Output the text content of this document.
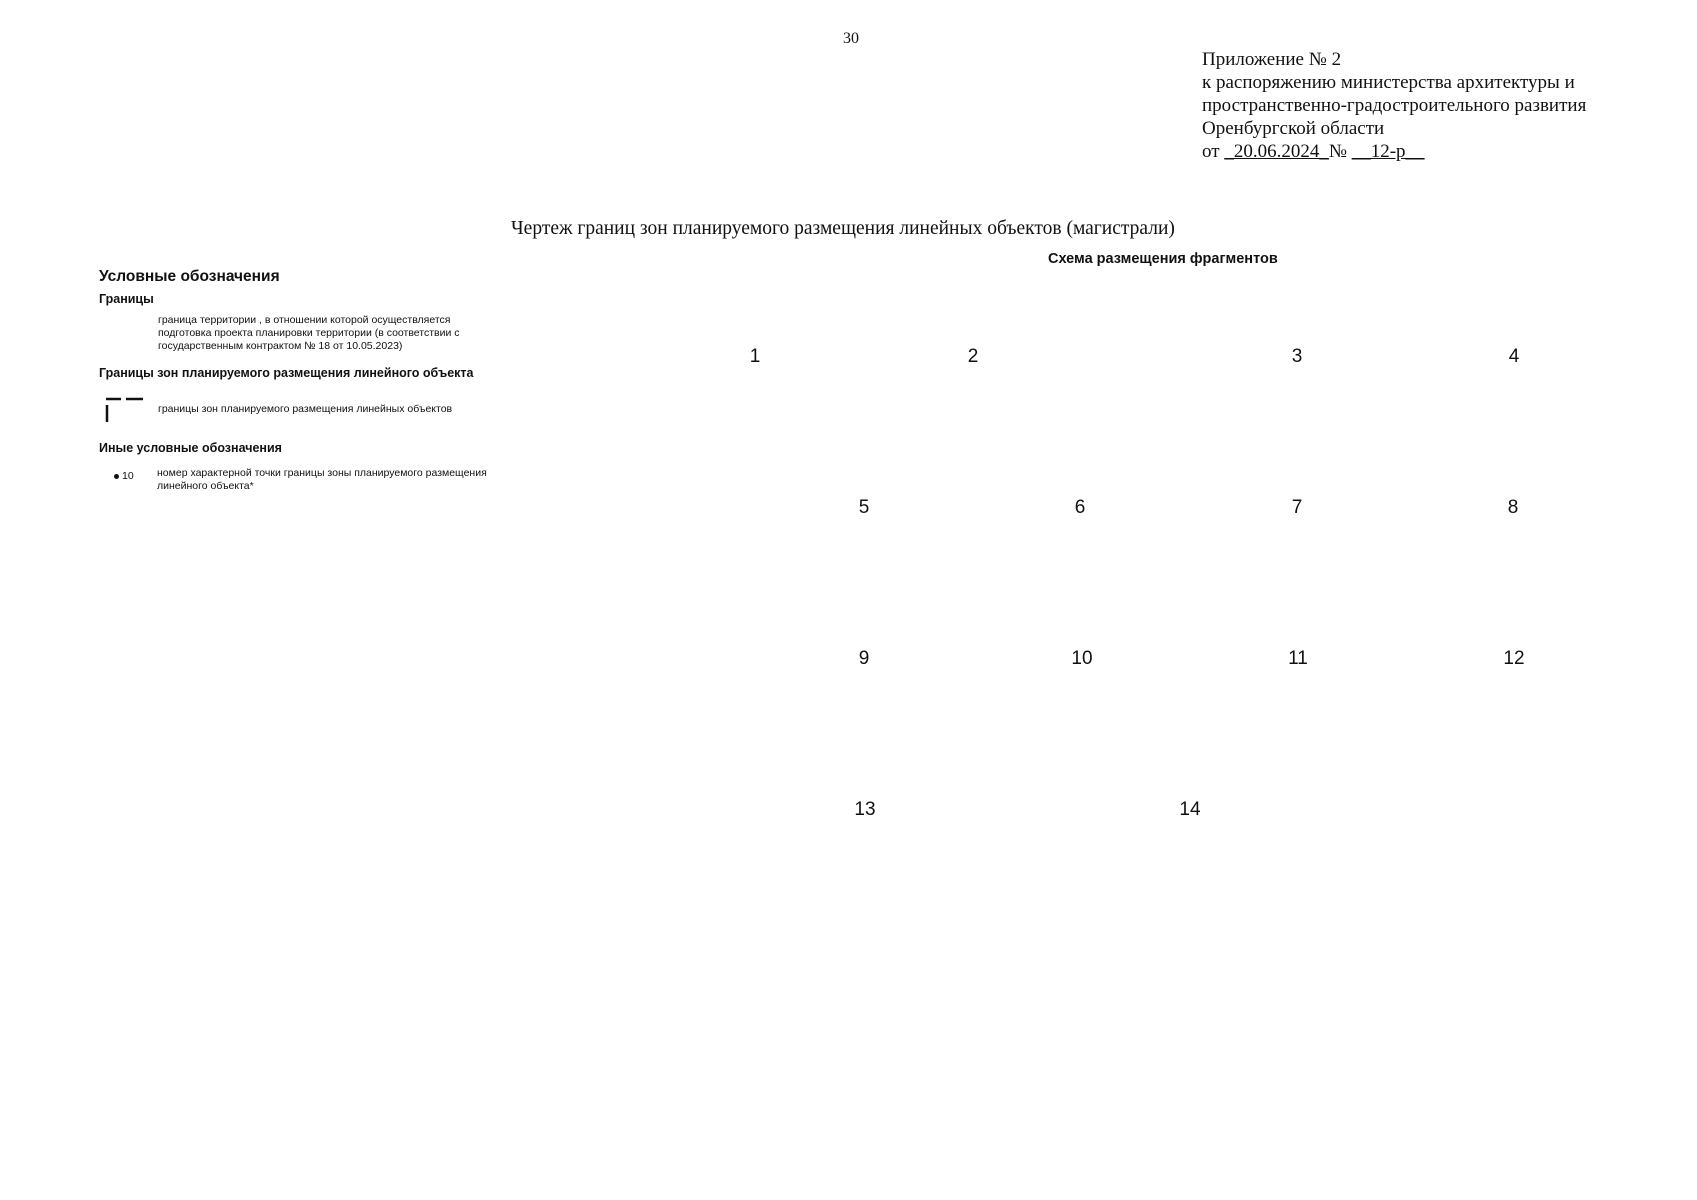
30
Приложение № 2
к распоряжению министерства архитектуры и
пространственно-градостроительного развития
Оренбургской области
от _20.06.2024_№ __12-р__
Чертеж границ зон планируемого размещения линейных объектов (магистрали)
Условные обозначения
Границы
граница территории , в отношении которой осуществляется
подготовка проекта планировки территории (в соответствии с
государственным контрактом № 18 от 10.05.2023)
Границы зон планируемого размещения линейного объекта
границы зон планируемого размещения линейных объектов
Иные условные обозначения
10 номер характерной точки границы зоны планируемого размещения
линейного объекта*
Схема размещения фрагментов
1	2	3	4
5	6	7	8
9	10	11	12
13	14
